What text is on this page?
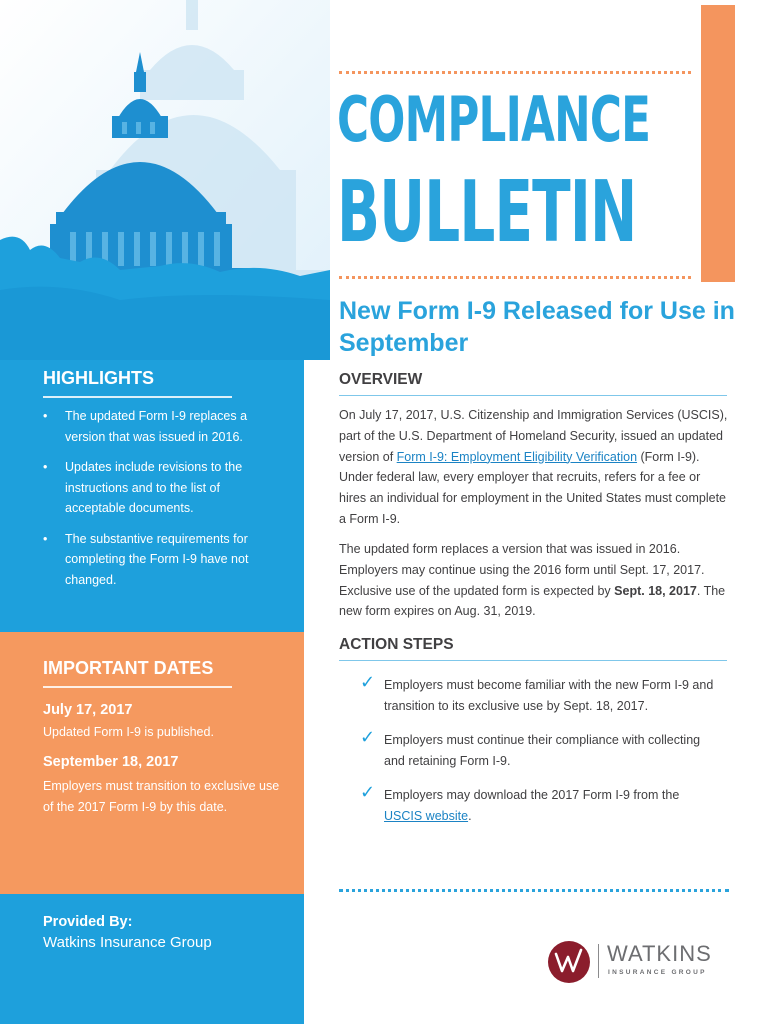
COMPLIANCE
BULLETIN
New Form I-9 Released for Use in September
HIGHLIGHTS
• The updated Form I-9 replaces a version that was issued in 2016.
• Updates include revisions to the instructions and to the list of acceptable documents.
• The substantive requirements for completing the Form I-9 have not changed.
IMPORTANT DATES
July 17, 2017
Updated Form I-9 is published.
September 18, 2017
Employers must transition to exclusive use of the 2017 Form I-9 by this date.
Provided By:
Watkins Insurance Group
OVERVIEW
On July 17, 2017, U.S. Citizenship and Immigration Services (USCIS), part of the U.S. Department of Homeland Security, issued an updated version of Form I-9: Employment Eligibility Verification (Form I-9). Under federal law, every employer that recruits, refers for a fee or hires an individual for employment in the United States must complete a Form I-9.
The updated form replaces a version that was issued in 2016. Employers may continue using the 2016 form until Sept. 17, 2017. Exclusive use of the updated form is expected by Sept. 18, 2017. The new form expires on Aug. 31, 2019.
ACTION STEPS
✓ Employers must become familiar with the new Form I-9 and transition to its exclusive use by Sept. 18, 2017.
✓ Employers must continue their compliance with collecting and retaining Form I-9.
✓ Employers may download the 2017 Form I-9 from the USCIS website.
WATKINS
INSURANCE GROUP
